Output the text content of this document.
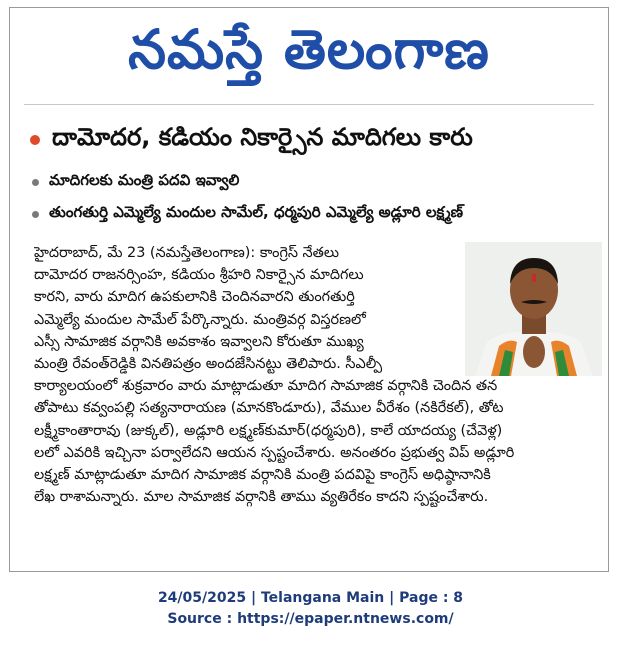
నమస్తే తెలంగాణ
దామోదర, కడియం నికార్సైన మాదిగలు కారు
మాదిగలకు మంత్రి పదవి ఇవ్వాలి
తుంగతుర్తి ఎమ్మెల్యే మందుల సామేల్, ధర్మపురి ఎమ్మెల్యే అడ్లూరి లక్ష్మణ్
హైదరాబాద్, మే 23 (నమస్తేతెలంగాణ): కాంగ్రెస్ నేతలు
దామోదర రాజనర్సింహ, కడియం శ్రీహరి నికార్సైన మాదిగలు
కారని, వారు మాదిగ ఉపకులానికి చెందినవారని తుంగతుర్తి
ఎమ్మెల్యే మందుల సామేల్ పేర్కొన్నారు. మంత్రివర్గ విస్తరణలో
ఎస్సీ సామాజిక వర్గానికి అవకాశం ఇవ్వాలని కోరుతూ ముఖ్య
మంత్రి రేవంత్‌రెడ్డికి వినతిపత్రం అందజేసినట్టు తెలిపారు. సీఎల్పీ
కార్యాలయంలో శుక్రవారం వారు మాట్లాడుతూ మాదిగ సామాజిక వర్గానికి చెందిన తన
తోపాటు కవ్వంపల్లి సత్యనారాయణ (మానకొండూరు), వేముల వీరేశం (నకిరేకల్), తోట
లక్ష్మీకాంతారావు (జుక్కల్), అడ్లూరి లక్ష్మణ్‌కుమార్(ధర్మపురి), కాలే యాదయ్య (చేవెళ్ల)
లలో ఎవరికి ఇచ్చినా పర్వాలేదని ఆయన స్పష్టంచేశారు. అనంతరం ప్రభుత్వ విప్ అడ్లూరి
లక్ష్మణ్ మాట్లాడుతూ మాదిగ సామాజిక వర్గానికి మంత్రి పదవిపై కాంగ్రెస్ అధిష్ఠానానికి
లేఖ రాశామన్నారు. మాల సామాజిక వర్గానికి తాము వ్యతిరేకం కాదని స్పష్టంచేశారు.
24/05/2025 | Telangana Main | Page : 8
Source : https://epaper.ntnews.com/
